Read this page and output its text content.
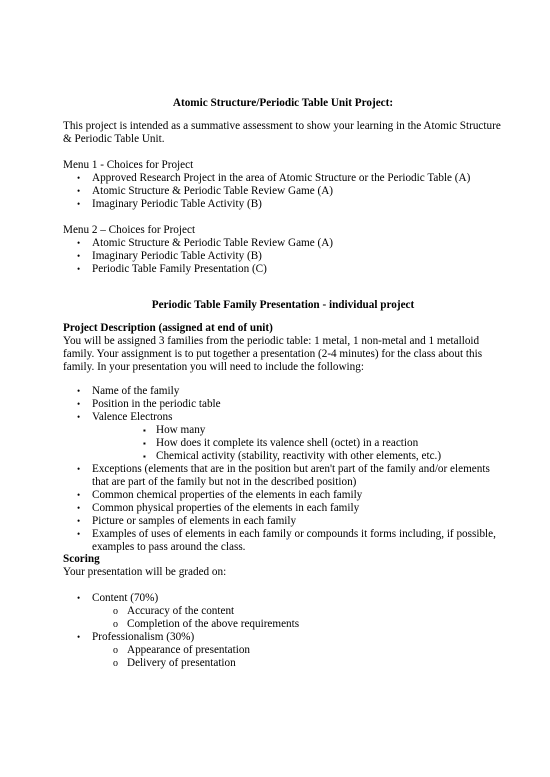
Atomic Structure/Periodic Table Unit Project:
This project is intended as a summative assessment to show your learning in the Atomic Structure & Periodic Table Unit.
Menu 1 - Choices for Project
• Approved Research Project in the area of Atomic Structure or the Periodic Table (A)
• Atomic Structure & Periodic Table Review Game (A)
• Imaginary Periodic Table Activity (B)
Menu 2 – Choices for Project
• Atomic Structure & Periodic Table Review Game (A)
• Imaginary Periodic Table Activity (B)
• Periodic Table Family Presentation (C)
Periodic Table Family Presentation - individual project
Project Description (assigned at end of unit)
You will be assigned 3 families from the periodic table: 1 metal, 1 non-metal and 1 metalloid family. Your assignment is to put together a presentation (2-4 minutes) for the class about this family. In your presentation you will need to include the following:
• Name of the family
• Position in the periodic table
• Valence Electrons
▪ How many
▪ How does it complete its valence shell (octet) in a reaction
▪ Chemical activity (stability, reactivity with other elements, etc.)
• Exceptions (elements that are in the position but aren't part of the family and/or elements that are part of the family but not in the described position)
• Common chemical properties of the elements in each family
• Common physical properties of the elements in each family
• Picture or samples of elements in each family
• Examples of uses of elements in each family or compounds it forms including, if possible, examples to pass around the class.
Scoring
Your presentation will be graded on:
• Content (70%)
o Accuracy of the content
o Completion of the above requirements
• Professionalism (30%)
o Appearance of presentation
o Delivery of presentation
